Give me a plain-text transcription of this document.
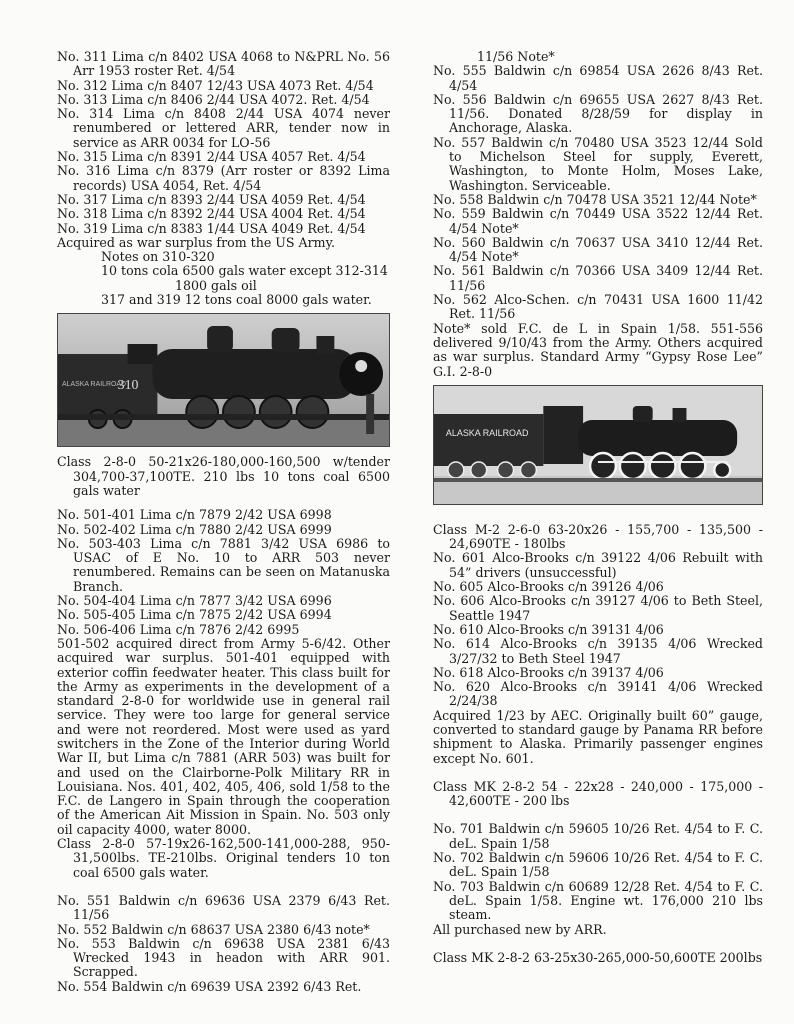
No. 311 Lima c/n 8402 USA 4068 to N&PRL No. 56 Arr 1953 roster Ret. 4/54

No. 312 Lima c/n 8407 12/43 USA 4073 Ret. 4/54

No. 313 Lima c/n 8406 2/44 USA 4072. Ret. 4/54

No. 314 Lima c/n 8408 2/44 USA 4074 never renumbered or lettered ARR, tender now in service as ARR 0034 for LO-56

No. 315 Lima c/n 8391 2/44 USA 4057 Ret. 4/54

No. 316 Lima c/n 8379 (Arr roster or 8392 Lima records) USA 4054, Ret. 4/54

No. 317 Lima c/n 8393 2/44 USA 4059 Ret. 4/54

No. 318 Lima c/n 8392 2/44 USA 4004 Ret. 4/54

No. 319 Lima c/n 8383 1/44 USA 4049 Ret. 4/54

Acquired as war surplus from the US Army.

Notes on 310-320

10 tons cola 6500 gals water except 312-314

1800 gals oil

317 and 319 12 tons coal 8000 gals water.

310
ALASKA RAILROAD

Class 2-8-0 50-21x26-180,000-160,500 w/tender 304,700-37,100TE. 210 lbs 10 tons coal 6500 gals water

No. 501-401 Lima c/n 7879 2/42 USA 6998

No. 502-402 Lima c/n 7880 2/42 USA 6999

No. 503-403 Lima c/n 7881 3/42 USA 6986 to USAC of E No. 10 to ARR 503 never renumbered. Remains can be seen on Matanuska Branch.

No. 504-404 Lima c/n 7877 3/42 USA 6996

No. 505-405 Lima c/n 7875 2/42 USA 6994

No. 506-406 Lima c/n 7876 2/42 6995

501-502 acquired direct from Army 5-6/42. Other acquired war surplus. 501-401 equipped with exterior coffin feedwater heater. This class built for the Army as experiments in the development of a standard 2-8-0 for worldwide use in general rail service. They were too large for general service and were not reordered. Most were used as yard switchers in the Zone of the Interior during World War II, but Lima c/n 7881 (ARR 503) was built for and used on the Clairborne-Polk Military RR in Louisiana. Nos. 401, 402, 405, 406, sold 1/58 to the F.C. de Langero in Spain through the cooperation of the American Ait Mission in Spain. No. 503 only oil capacity 4000, water 8000.

Class 2-8-0 57-19x26-162,500-141,000-288, 950-31,500lbs. TE-210lbs. Original tenders 10 ton coal 6500 gals water.

No. 551 Baldwin c/n 69636 USA 2379 6/43 Ret. 11/56

No. 552 Baldwin c/n 68637 USA 2380 6/43 note*

No. 553 Baldwin c/n 69638 USA 2381 6/43 Wrecked 1943 in headon with ARR 901. Scrapped.

No. 554 Baldwin c/n 69639 USA 2392 6/43 Ret.

11/56 Note*

No. 555 Baldwin c/n 69854 USA 2626 8/43 Ret. 4/54

No. 556 Baldwin c/n 69655 USA 2627 8/43 Ret. 11/56. Donated 8/28/59 for display in Anchorage, Alaska.

No. 557 Baldwin c/n 70480 USA 3523 12/44 Sold to Michelson Steel for supply, Everett, Washington, to Monte Holm, Moses Lake, Washington. Serviceable.

No. 558 Baldwin c/n 70478 USA 3521 12/44 Note*

No. 559 Baldwin c/n 70449 USA 3522 12/44 Ret. 4/54 Note*

No. 560 Baldwin c/n 70637 USA 3410 12/44 Ret. 4/54 Note*

No. 561 Baldwin c/n 70366 USA 3409 12/44 Ret. 11/56

No. 562 Alco-Schen. c/n 70431 USA 1600 11/42 Ret. 11/56

Note* sold F.C. de L in Spain 1/58. 551-556 delivered 9/10/43 from the Army. Others acquired as war surplus. Standard Army “Gypsy Rose Lee” G.I. 2-8-0

ALASKA RAILROAD

Class M-2 2-6-0 63-20x26 - 155,700 - 135,500 - 24,690TE - 180lbs

No. 601 Alco-Brooks c/n 39122 4/06 Rebuilt with 54” drivers (unsuccessful)

No. 605 Alco-Brooks c/n 39126 4/06

No. 606 Alco-Brooks c/n 39127 4/06 to Beth Steel, Seattle 1947

No. 610 Alco-Brooks c/n 39131 4/06

No. 614 Alco-Brooks c/n 39135 4/06 Wrecked 3/27/32 to Beth Steel 1947

No. 618 Alco-Brooks c/n 39137 4/06

No. 620 Alco-Brooks c/n 39141 4/06 Wrecked 2/24/38

Acquired 1/23 by AEC. Originally built 60” gauge, converted to standard gauge by Panama RR before shipment to Alaska. Primarily passenger engines except No. 601.

Class MK 2-8-2 54 - 22x28 - 240,000 - 175,000 - 42,600TE - 200 lbs

No. 701 Baldwin c/n 59605 10/26 Ret. 4/54 to F. C. deL. Spain 1/58

No. 702 Baldwin c/n 59606 10/26 Ret. 4/54 to F. C. deL. Spain 1/58

No. 703 Baldwin c/n 60689 12/28 Ret. 4/54 to F. C. deL. Spain 1/58. Engine wt. 176,000 210 lbs steam.

All purchased new by ARR.

Class MK 2-8-2 63-25x30-265,000-50,600TE 200lbs
